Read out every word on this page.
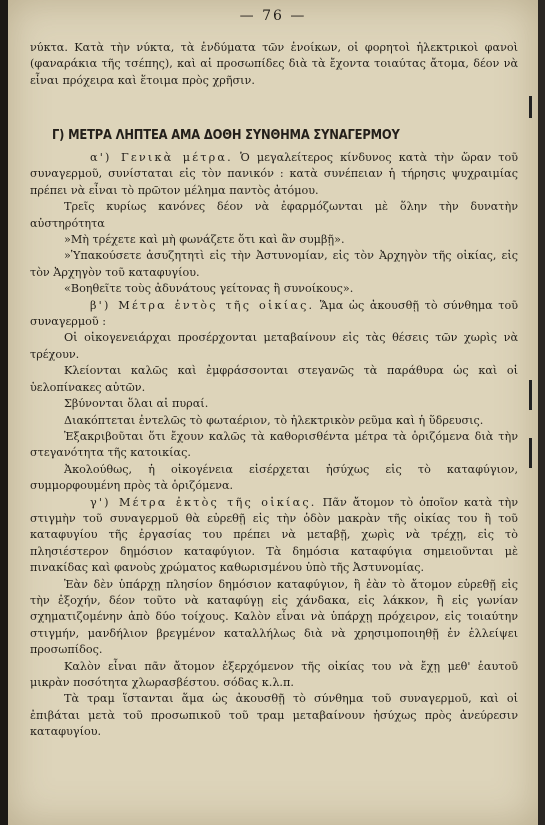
— 76 —

νύκτα. Κατὰ τὴν νύκτα, τὰ ἐνδύματα τῶν ἐνοίκων, οἱ φορητοὶ ἠλεκτρικοὶ φανοὶ (φαναράκια τῆς τσέπης), καὶ αἱ προσωπίδες διὰ τὰ ἔχοντα τοιαύτας ἄτομα, δέον νὰ εἶναι πρόχειρα καὶ ἕτοιμα πρὸς χρῆσιν.

Γ) ΜΕΤΡΑ ΛΗΠΤΕΑ ΑΜΑ ΔΟΘΗ ΣΥΝΘΗΜΑ ΣΥΝΑΓΕΡΜΟΥ

α') Γενικὰ μέτρα. Ὁ μεγαλείτερος κίνδυνος κατὰ τὴν ὥραν τοῦ συναγερμοῦ, συνίσταται εἰς τὸν πανικόν : κατὰ συνέπειαν ἡ τήρησις ψυχραιμίας πρέπει νὰ εἶναι τὸ πρῶτον μέλημα παντὸς ἀτόμου.

Τρεῖς κυρίως κανόνες δέον νὰ ἐφαρμόζωνται μὲ ὅλην τὴν δυνατὴν αὐστηρότητα

»Μὴ τρέχετε καὶ μὴ φωνάζετε ὅτι καὶ ἂν συμβῇ».

»Ὑπακούσετε ἀσυζητητὶ εἰς τὴν Ἀστυνομίαν, εἰς τὸν Ἀρχηγὸν τῆς οἰκίας, εἰς τὸν Ἀρχηγὸν τοῦ καταφυγίου.

«Βοηθεῖτε τοὺς ἀδυνάτους γείτονας ἢ συνοίκους».

β') Μέτρα ἐντὸς τῆς οἰκίας. Ἅμα ὡς ἀκουσθῇ τὸ σύνθημα τοῦ συναγερμοῦ :

Οἱ οἰκογενειάρχαι προσέρχονται μεταβαίνουν εἰς τὰς θέσεις τῶν χωρὶς νὰ τρέχουν.

Κλείονται καλῶς καὶ ἐμφράσσονται στεγανῶς τὰ παράθυρα ὡς καὶ οἱ ὑελοπίνακες αὐτῶν.

Σβύνονται ὅλαι αἱ πυραί.

Διακόπτεται ἐντελῶς τὸ φωταέριον, τὸ ἠλεκτρικὸν ρεῦμα καὶ ἡ ὕδρευσις.

Ἐξακριβοῦται ὅτι ἔχουν καλῶς τὰ καθορισθέντα μέτρα τὰ ὁριζόμενα διὰ τὴν στεγανότητα τῆς κατοικίας.

Ἀκολούθως, ἡ οἰκογένεια εἰσέρχεται ἡσύχως εἰς τὸ καταφύγιον, συμμορφουμένη πρὸς τὰ ὁριζόμενα.

γ') Μέτρα ἐκτὸς τῆς οἰκίας. Πᾶν ἄτομον τὸ ὁποῖον κατὰ τὴν στιγμὴν τοῦ συναγερμοῦ θὰ εὑρεθῇ εἰς τὴν ὁδὸν μακρὰν τῆς οἰκίας του ἢ τοῦ καταφυγίου τῆς ἐργασίας του πρέπει νὰ μεταβῇ, χωρὶς νὰ τρέχῃ, εἰς τὸ πλησιέστερον δημόσιον καταφύγιον. Τὰ δημόσια καταφύγια σημειοῦνται μὲ πινακίδας καὶ φανοὺς χρώματος καθωρισμένου ὑπὸ τῆς Ἀστυνομίας.

Ἐὰν δὲν ὑπάρχῃ πλησίον δημόσιον καταφύγιον, ἢ ἐὰν τὸ ἄτομον εὑρεθῇ εἰς τὴν ἐξοχήν, δέον τοῦτο νὰ καταφύγῃ εἰς χάνδακα, εἰς λάκκον, ἢ εἰς γωνίαν σχηματιζομένην ἀπὸ δύο τοίχους. Καλὸν εἶναι νὰ ὑπάρχῃ πρόχειρον, εἰς τοιαύτην στιγμήν, μανδήλιον βρεγμένον καταλλήλως διὰ νὰ χρησιμοποιηθῇ ἐν ἐλλείψει προσωπίδος.

Καλὸν εἶναι πᾶν ἄτομον ἐξερχόμενον τῆς οἰκίας του νὰ ἔχῃ μεθ' ἑαυτοῦ μικρὰν ποσότητα χλωρασβέστου. σόδας κ.λ.π.

Τὰ τραμ ἵστανται ἅμα ὡς ἀκουσθῇ τὸ σύνθημα τοῦ συναγερμοῦ, καὶ οἱ ἐπιβάται μετὰ τοῦ προσωπικοῦ τοῦ τραμ μεταβαίνουν ἡσύχως πρὸς ἀνεύρεσιν καταφυγίου.
